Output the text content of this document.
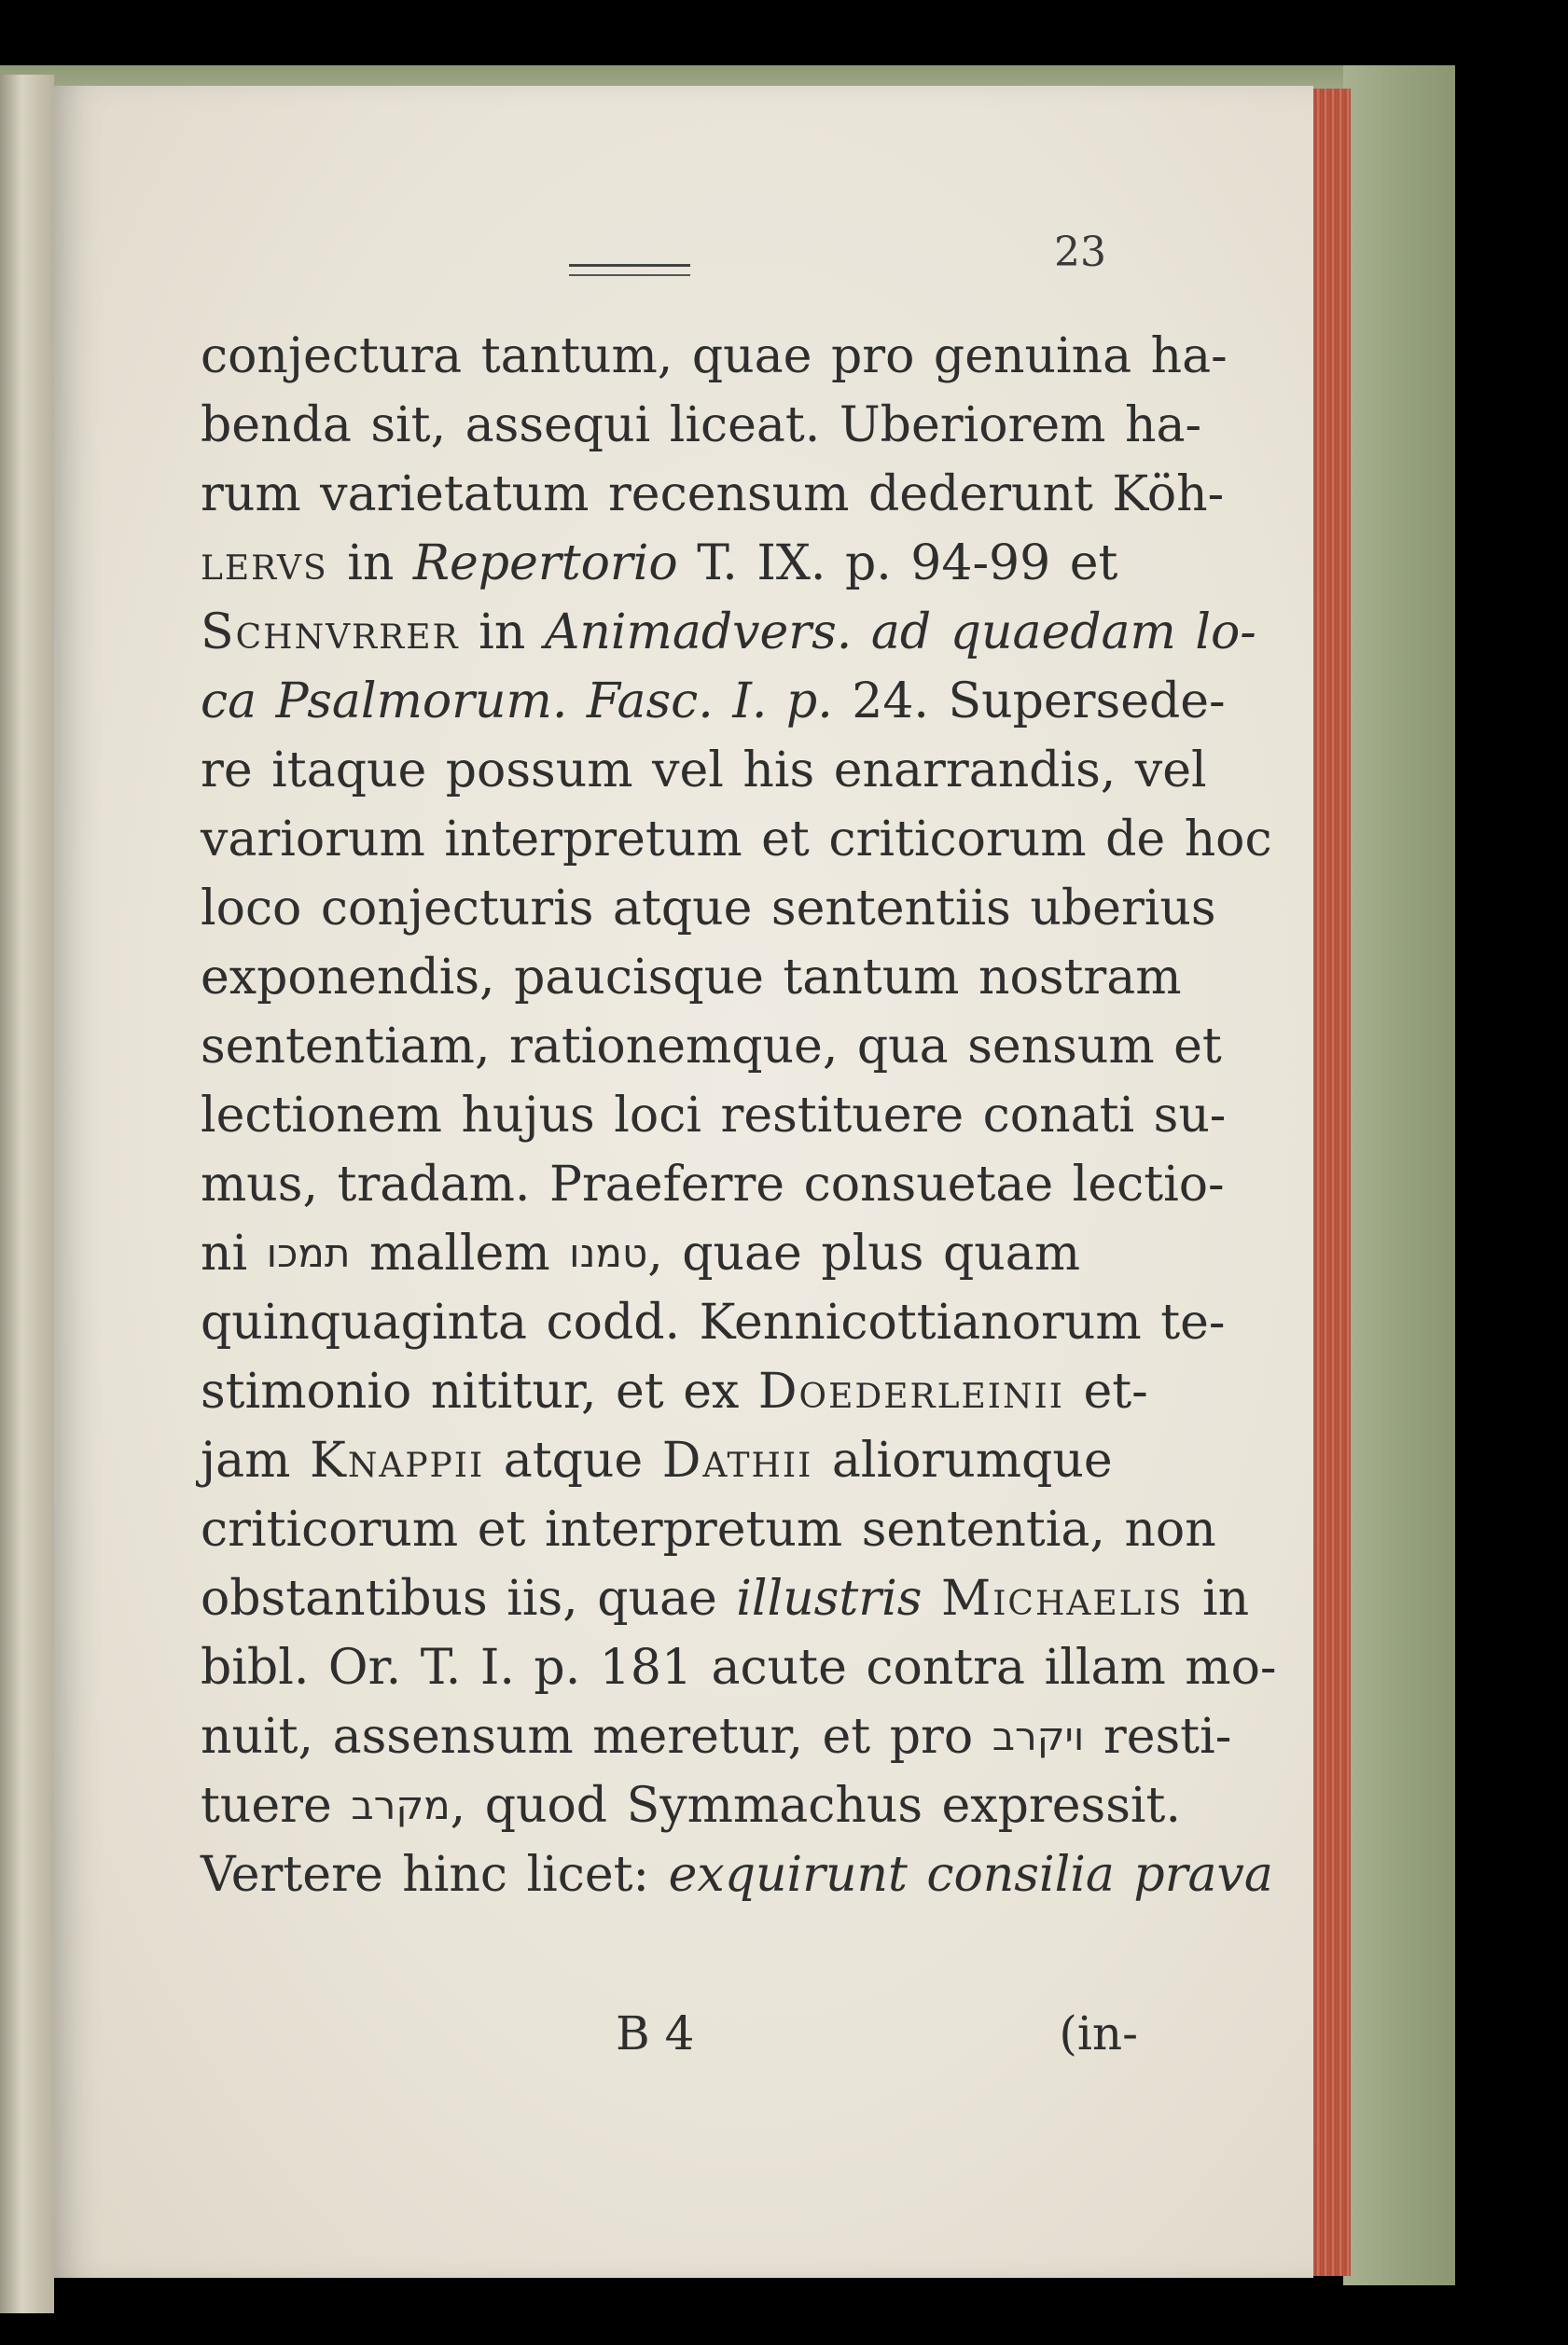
23
conjectura tantum, quae pro genuina ha-
benda sit, assequi liceat. Uberiorem ha-
rum varietatum recensum dederunt Köh-
lervs in Repertorio T. IX. p. 94-99 et
Schnvrrer in Animadvers. ad quaedam lo-
ca Psalmorum. Fasc. I. p. 24. Supersede-
re itaque possum vel his enarrandis, vel
variorum interpretum et criticorum de hoc
loco conjecturis atque sententiis uberius
exponendis, paucisque tantum nostram
sententiam, rationemque, qua sensum et
lectionem hujus loci restituere conati su-
mus, tradam. Praeferre consuetae lectio-
ni תמכו mallem טמנו , quae plus quam
quinquaginta codd. Kennicottianorum te-
stimonio nititur, et ex Doederleinii et-
jam Knappii atque Dathii aliorumque
criticorum et interpretum sententia, non
obstantibus iis, quae illustris
Michaelis in
bibl. Or. T. I. p. 181 acute contra illam mo-
nuit, assensum meretur, et pro ויקרב resti-
tuere מקרב , quod Symmachus expressit.
Vertere hinc licet: exquirunt consilia prava
B 4	(in-
